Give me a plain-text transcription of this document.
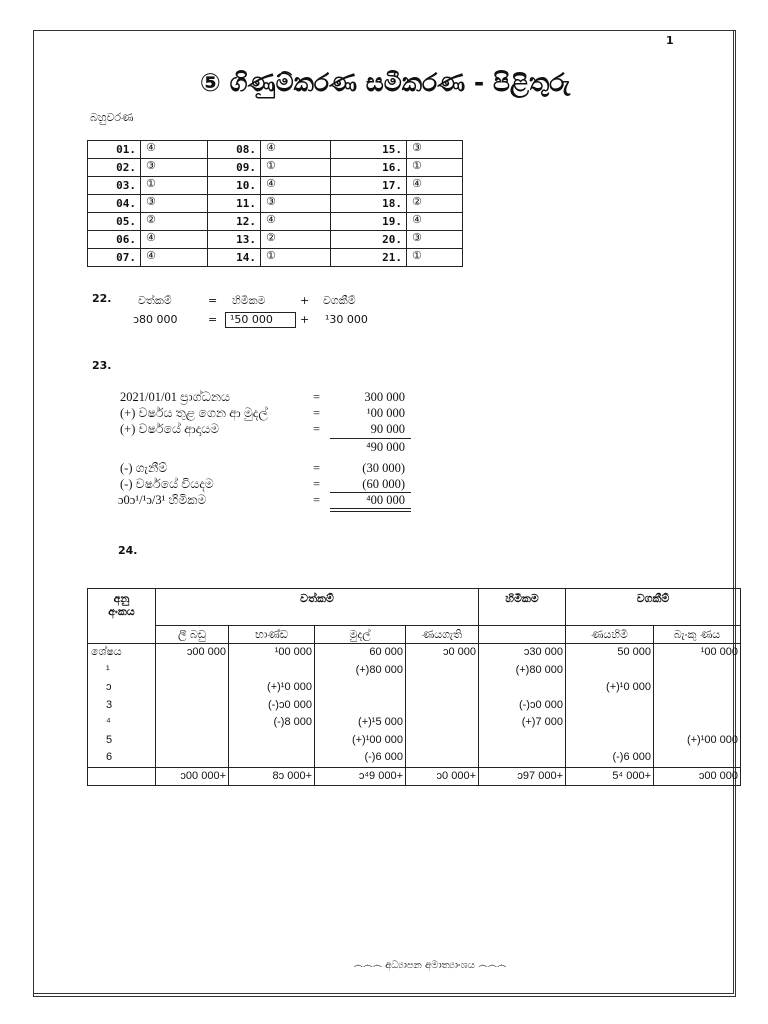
1
⑤ ගිණුම්කරණ සමීකරණ - පිළිතුරු
බහුවරණ
01.	④	08.	④	15.	③
02.	③	09.	①	16.	①
03.	①	10.	④	17.	④
04.	③	11.	③	18.	②
05.	②	12.	④	19.	④
06.	④	13.	②	20.	③
07.	④	14.	①	21.	①
22. වත්කම්	= හිමිකම	+ වගකීම්
ɔ80 000	=	¹50 000	+ ¹30 000
23.
2021/01/01 ප්‍රාග්ධනය	=	300 000
(+) වර්ෂය තුළ ගෙන ආ මුදල්	=	¹00 000
(+) වර්ෂයේ ආදායම	=	90 000
⁴90 000
(-) ගැනීම්	=	(30 000)
(-) වර්ෂයේ වියදම	=	(60 000)
ɔ0ɔ¹/¹ɔ/3¹ හිමිකම	=	⁴00 000
24.
අනු
අංකය	වත්කම්				හිමිකම	වගකීම්	
	ලී බඩු	භාණ්ඩ	මුදල්	ණයගැති		ණයහිමි	බැංකු ණය
ශේෂය	ɔ00 000	¹00 000	60 000	ɔ0 000	ɔ30 000	50 000	¹00 000
¹			(+)80 000		(+)80 000		
ɔ		(+)¹0 000				(+)¹0 000	
3		(-)ɔ0 000			(-)ɔ0 000		
⁴		(-)8 000	(+)¹5 000		(+)7 000		
5			(+)¹00 000				(+)¹00 000
6			(-)6 000			(-)6 000	
	ɔ00 000+	8ɔ 000+	ɔ⁴9 000+	ɔ0 000+	ɔ97 000+	5⁴ 000+	ɔ00 000
෴෴෴ අධ්‍යාපන අමාත්‍යාංශය ෴෴෴
